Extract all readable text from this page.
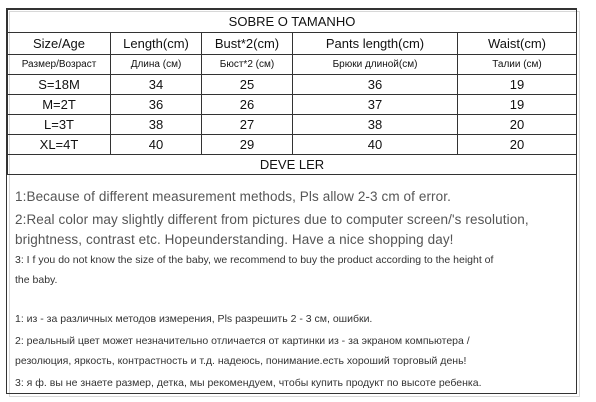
SOBRE O TAMANHO				
Size/Age	Length(cm)	Bust*2(cm)	Pants length(cm)	Waist(cm)
Размер/Возраст	Длина (см)	Бюст*2 (см)	Брюки длиной(см)	Талии (см)
S=18M	34	25	36	19
M=2T	36	26	37	19
L=3T	38	27	38	20
XL=4T	40	29	40	20
DEVE LER				
1:Because of different measurement methods, Pls allow 2-3 cm of error.
2:Real color may slightly different from pictures due to computer screen/'s resolution,
brightness, contrast etc. Hopeunderstanding. Have a nice shopping day!
3: I f you do not know the size of the baby, we recommend to buy the product according to the height of
the baby.
1: из - за различных методов измерения, Pls разрешить 2 - 3 см, ошибки.
2: реальный цвет может незначительно отличается от картинки из - за экраном компьютера /
резолюция, яркость, контрастность и т.д. надеюсь, понимание.есть хороший торговый день!
3: я ф. вы не знаете размер, детка, мы рекомендуем, чтобы купить продукт по высоте ребенка.
